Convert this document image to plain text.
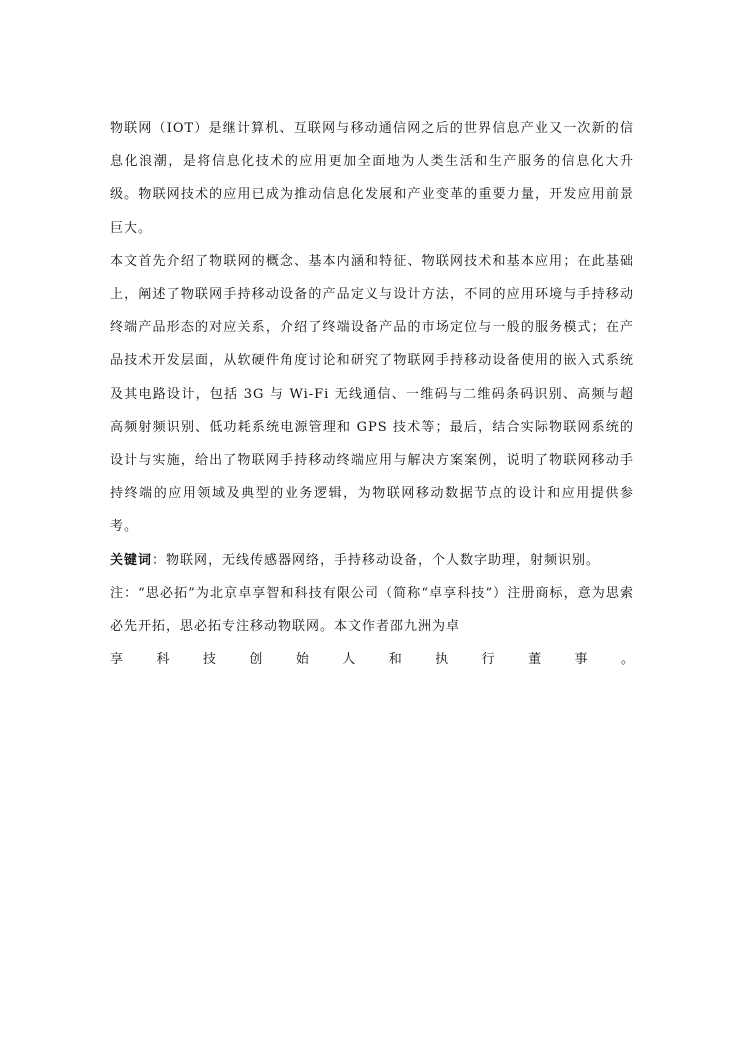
物联网（IOT）是继计算机、互联网与移动通信网之后的世界信息产业又一次新的信息化浪潮，是将信息化技术的应用更加全面地为人类生活和生产服务的信息化大升级。物联网技术的应用已成为推动信息化发展和产业变革的重要力量，开发应用前景巨大。

本文首先介绍了物联网的概念、基本内涵和特征、物联网技术和基本应用；在此基础上，阐述了物联网手持移动设备的产品定义与设计方法，不同的应用环境与手持移动终端产品形态的对应关系，介绍了终端设备产品的市场定位与一般的服务模式；在产品技术开发层面，从软硬件角度讨论和研究了物联网手持移动设备使用的嵌入式系统及其电路设计，包括 3G 与 Wi-Fi 无线通信、一维码与二维码条码识别、高频与超高频射频识别、低功耗系统电源管理和 GPS 技术等；最后，结合实际物联网系统的设计与实施，给出了物联网手持移动终端应用与解决方案案例，说明了物联网移动手持终端的应用领域及典型的业务逻辑，为物联网移动数据节点的设计和应用提供参考。

关键词：物联网，无线传感器网络，手持移动设备，个人数字助理，射频识别。

注：“思必拓”为北京卓享智和科技有限公司（简称“卓享科技”）注册商标，意为思索必先开拓，思必拓专注移动物联网。本文作者邵九洲为卓

享	科	技	创	始	人	和	执	行	董	事	。
